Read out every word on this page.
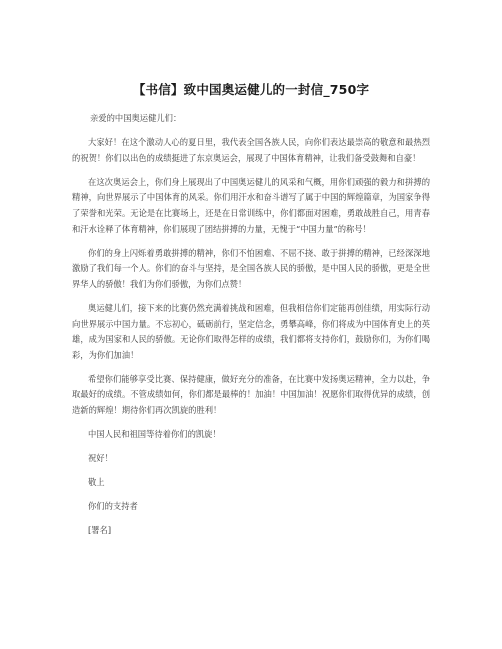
【书信】致中国奥运健儿的一封信_750字

亲爱的中国奥运健儿们：

大家好！在这个激动人心的夏日里，我代表全国各族人民，向你们表达最崇高的敬意和最热烈的祝贺！你们以出色的成绩挺进了东京奥运会，展现了中国体育精神，让我们备受鼓舞和自豪！

在这次奥运会上，你们身上展现出了中国奥运健儿的风采和气概，用你们顽强的毅力和拼搏的精神，向世界展示了中国体育的风采。你们用汗水和奋斗谱写了属于中国的辉煌篇章，为国家争得了荣誉和光荣。无论是在比赛场上，还是在日常训练中，你们都面对困难，勇敢战胜自己，用青春和汗水诠释了体育精神，你们展现了团结拼搏的力量，无愧于“中国力量”的称号！

你们的身上闪烁着勇敢拼搏的精神，你们不怕困难、不屈不挠、敢于拼搏的精神，已经深深地激励了我们每一个人。你们的奋斗与坚持，是全国各族人民的骄傲，是中国人民的骄傲，更是全世界华人的骄傲！我们为你们骄傲，为你们点赞！

奥运健儿们，接下来的比赛仍然充满着挑战和困难，但我相信你们定能再创佳绩，用实际行动向世界展示中国力量。不忘初心，砥砺前行，坚定信念，勇攀高峰，你们将成为中国体育史上的英雄，成为国家和人民的骄傲。无论你们取得怎样的成绩，我们都将支持你们，鼓励你们，为你们喝彩，为你们加油！

希望你们能够享受比赛、保持健康，做好充分的准备，在比赛中发扬奥运精神，全力以赴，争取最好的成绩。不管成绩如何，你们都是最棒的！加油！中国加油！祝愿你们取得优异的成绩，创造新的辉煌！期待你们再次凯旋的胜利！

中国人民和祖国等待着你们的凯旋！

祝好！

敬上

你们的支持者

[署名]
